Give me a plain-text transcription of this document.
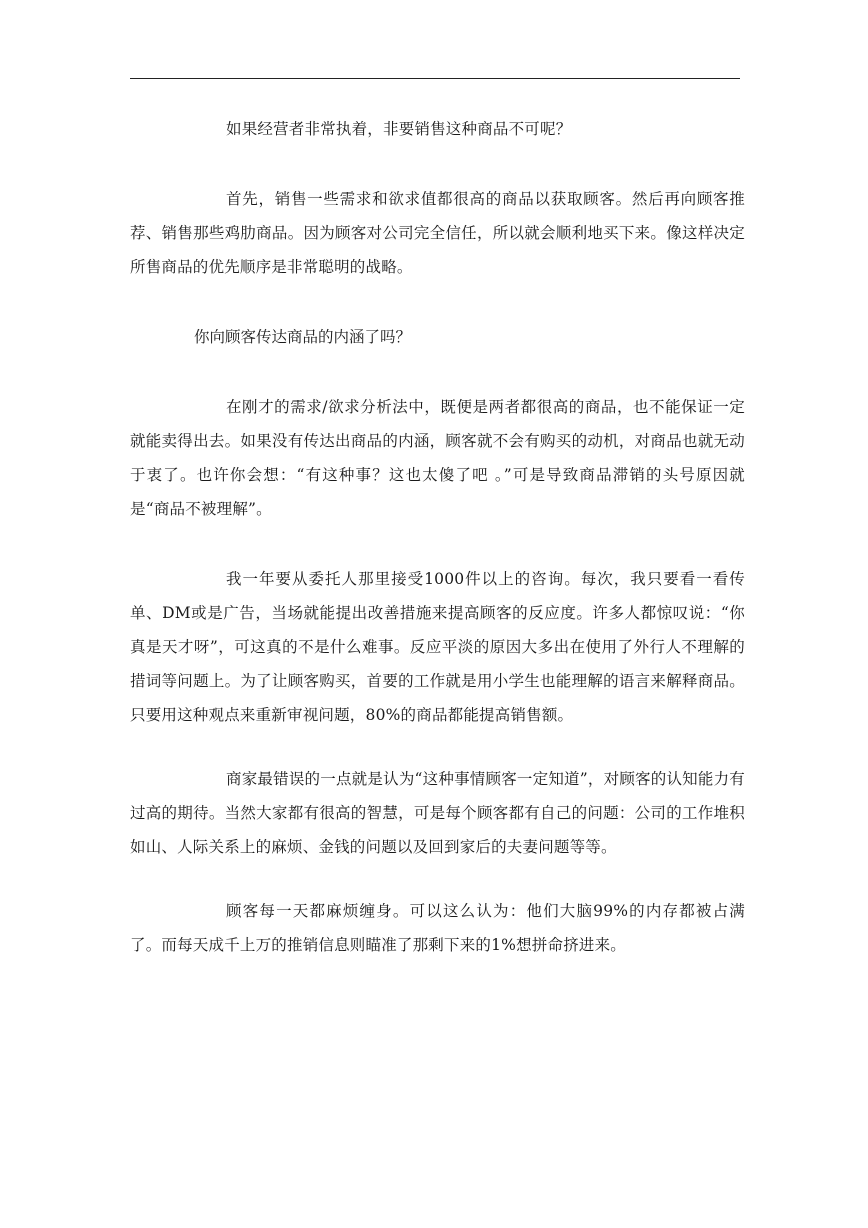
如果经营者非常执着，非要销售这种商品不可呢？

首先，销售一些需求和欲求值都很高的商品以获取顾客。然后再向顾客推荐、销售那些鸡肋商品。因为顾客对公司完全信任，所以就会顺利地买下来。像这样决定所售商品的优先顺序是非常聪明的战略。

你向顾客传达商品的内涵了吗？

在刚才的需求/欲求分析法中，既便是两者都很高的商品，也不能保证一定就能卖得出去。如果没有传达出商品的内涵，顾客就不会有购买的动机，对商品也就无动于衷了。也许你会想：“有这种事？这也太傻了吧 。”可是导致商品滞销的头号原因就是“商品不被理解”。

我一年要从委托人那里接受1000件以上的咨询。每次，我只要看一看传单、DM或是广告，当场就能提出改善措施来提高顾客的反应度。许多人都惊叹说：“你真是天才呀”，可这真的不是什么难事。反应平淡的原因大多出在使用了外行人不理解的措词等问题上。为了让顾客购买，首要的工作就是用小学生也能理解的语言来解释商品。只要用这种观点来重新审视问题，80%的商品都能提高销售额。

商家最错误的一点就是认为“这种事情顾客一定知道”，对顾客的认知能力有过高的期待。当然大家都有很高的智慧，可是每个顾客都有自己的问题：公司的工作堆积如山、人际关系上的麻烦、金钱的问题以及回到家后的夫妻问题等等。

顾客每一天都麻烦缠身。可以这么认为：他们大脑99%的内存都被占满了。而每天成千上万的推销信息则瞄准了那剩下来的1%想拼命挤进来。
